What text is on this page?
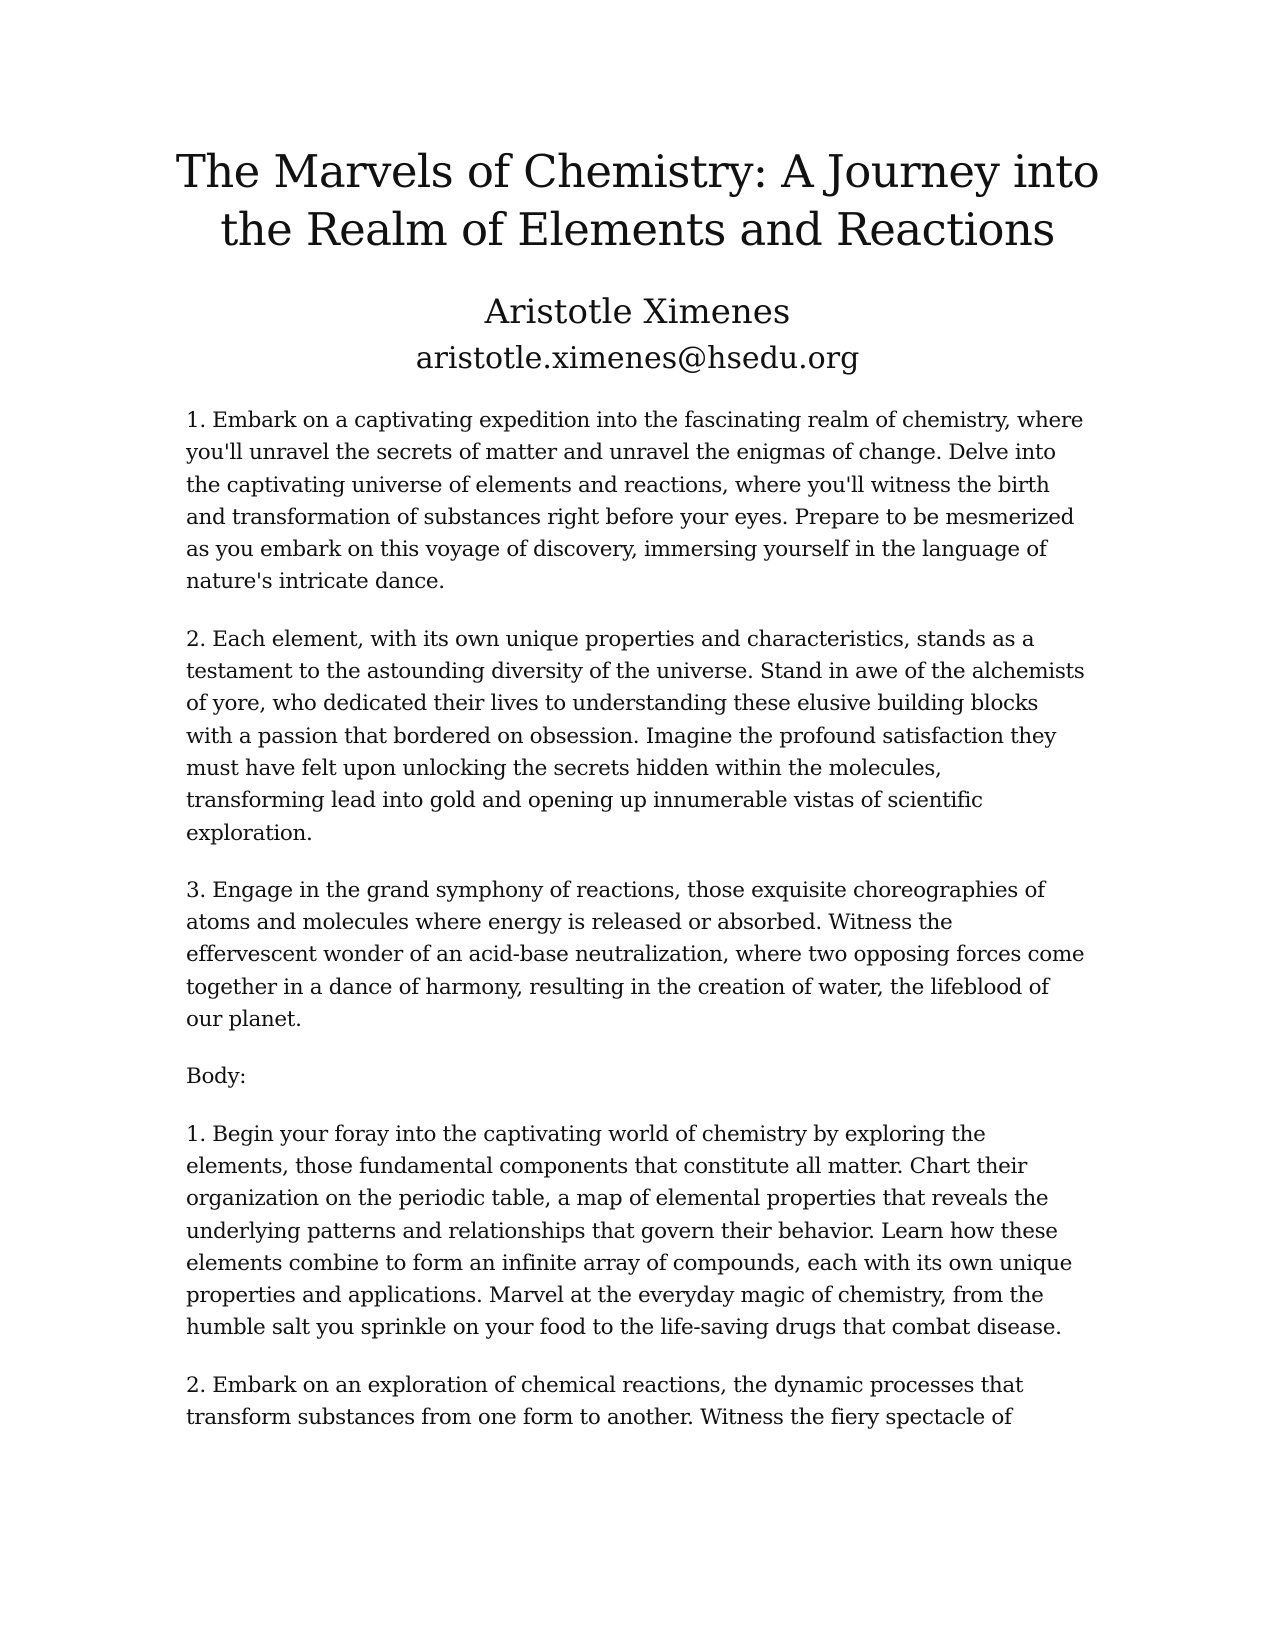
The Marvels of Chemistry: A Journey into the Realm of Elements and Reactions
Aristotle Ximenes
aristotle.ximenes@hsedu.org

1. Embark on a captivating expedition into the fascinating realm of chemistry, where you'll unravel the secrets of matter and unravel the enigmas of change. Delve into the captivating universe of elements and reactions, where you'll witness the birth and transformation of substances right before your eyes. Prepare to be mesmerized as you embark on this voyage of discovery, immersing yourself in the language of nature's intricate dance.

2. Each element, with its own unique properties and characteristics, stands as a testament to the astounding diversity of the universe. Stand in awe of the alchemists of yore, who dedicated their lives to understanding these elusive building blocks with a passion that bordered on obsession. Imagine the profound satisfaction they must have felt upon unlocking the secrets hidden within the molecules, transforming lead into gold and opening up innumerable vistas of scientific exploration.

3. Engage in the grand symphony of reactions, those exquisite choreographies of atoms and molecules where energy is released or absorbed. Witness the effervescent wonder of an acid-base neutralization, where two opposing forces come together in a dance of harmony, resulting in the creation of water, the lifeblood of our planet.

Body:

1. Begin your foray into the captivating world of chemistry by exploring the elements, those fundamental components that constitute all matter. Chart their organization on the periodic table, a map of elemental properties that reveals the underlying patterns and relationships that govern their behavior. Learn how these elements combine to form an infinite array of compounds, each with its own unique properties and applications. Marvel at the everyday magic of chemistry, from the humble salt you sprinkle on your food to the life-saving drugs that combat disease.

2. Embark on an exploration of chemical reactions, the dynamic processes that transform substances from one form to another. Witness the fiery spectacle of
